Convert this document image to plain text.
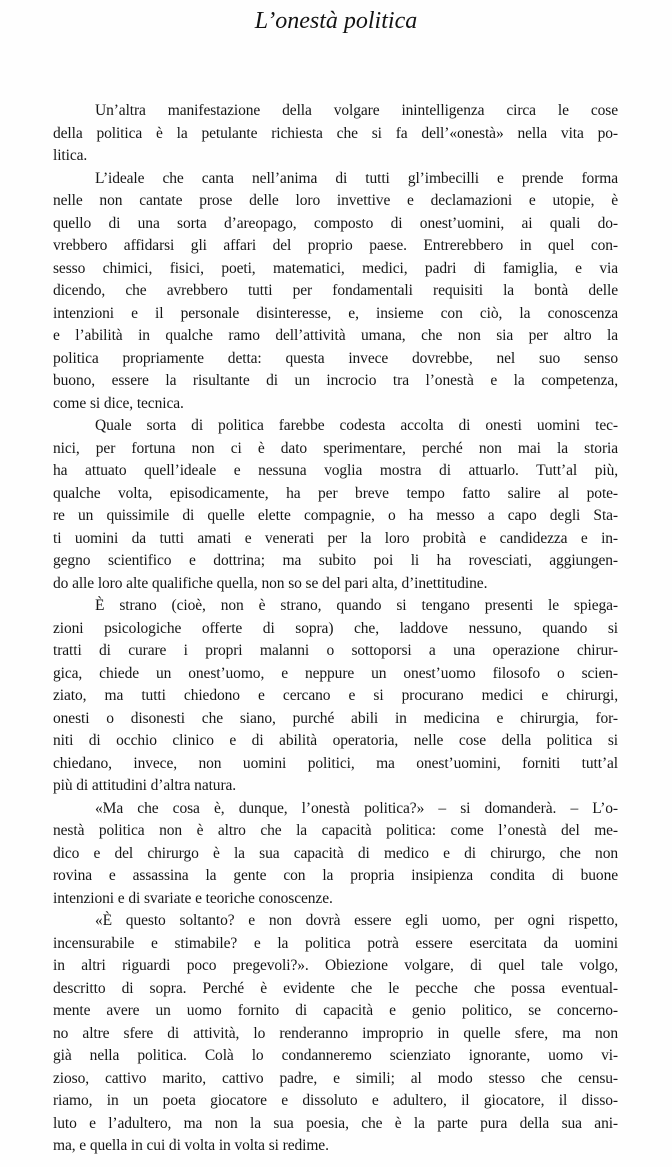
L’onestà politica

Un’altra manifestazione della volgare inintelligenza circa le cose
della politica è la petulante richiesta che si fa dell’«onestà» nella vita po-
litica.

L’ideale che canta nell’anima di tutti gl’imbecilli e prende forma
nelle non cantate prose delle loro invettive e declamazioni e utopie, è
quello di una sorta d’areopago, composto di onest’uomini, ai quali do-
vrebbero affidarsi gli affari del proprio paese. Entrerebbero in quel con-
sesso chimici, fisici, poeti, matematici, medici, padri di famiglia, e via
dicendo, che avrebbero tutti per fondamentali requisiti la bontà delle
intenzioni e il personale disinteresse, e, insieme con ciò, la conoscenza
e l’abilità in qualche ramo dell’attività umana, che non sia per altro la
politica propriamente detta: questa invece dovrebbe, nel suo senso
buono, essere la risultante di un incrocio tra l’onestà e la competenza,
come si dice, tecnica.

Quale sorta di politica farebbe codesta accolta di onesti uomini tec-
nici, per fortuna non ci è dato sperimentare, perché non mai la storia
ha attuato quell’ideale e nessuna voglia mostra di attuarlo. Tutt’al più,
qualche volta, episodicamente, ha per breve tempo fatto salire al pote-
re un quissimile di quelle elette compagnie, o ha messo a capo degli Sta-
ti uomini da tutti amati e venerati per la loro probità e candidezza e in-
gegno scientifico e dottrina; ma subito poi li ha rovesciati, aggiungen-
do alle loro alte qualifiche quella, non so se del pari alta, d’inettitudine.

È strano (cioè, non è strano, quando si tengano presenti le spiega-
zioni psicologiche offerte di sopra) che, laddove nessuno, quando si
tratti di curare i propri malanni o sottoporsi a una operazione chirur-
gica, chiede un onest’uomo, e neppure un onest’uomo filosofo o scien-
ziato, ma tutti chiedono e cercano e si procurano medici e chirurgi,
onesti o disonesti che siano, purché abili in medicina e chirurgia, for-
niti di occhio clinico e di abilità operatoria, nelle cose della politica si
chiedano, invece, non uomini politici, ma onest’uomini, forniti tutt’al
più di attitudini d’altra natura.

«Ma che cosa è, dunque, l’onestà politica?» – si domanderà. – L’o-
nestà politica non è altro che la capacità politica: come l’onestà del me-
dico e del chirurgo è la sua capacità di medico e di chirurgo, che non
rovina e assassina la gente con la propria insipienza condita di buone
intenzioni e di svariate e teoriche conoscenze.

«È questo soltanto? e non dovrà essere egli uomo, per ogni rispetto,
incensurabile e stimabile? e la politica potrà essere esercitata da uomini
in altri riguardi poco pregevoli?». Obiezione volgare, di quel tale volgo,
descritto di sopra. Perché è evidente che le pecche che possa eventual-
mente avere un uomo fornito di capacità e genio politico, se concerno-
no altre sfere di attività, lo renderanno improprio in quelle sfere, ma non
già nella politica. Colà lo condanneremo scienziato ignorante, uomo vi-
zioso, cattivo marito, cattivo padre, e simili; al modo stesso che censu-
riamo, in un poeta giocatore e dissoluto e adultero, il giocatore, il disso-
luto e l’adultero, ma non la sua poesia, che è la parte pura della sua ani-
ma, e quella in cui di volta in volta si redime.
